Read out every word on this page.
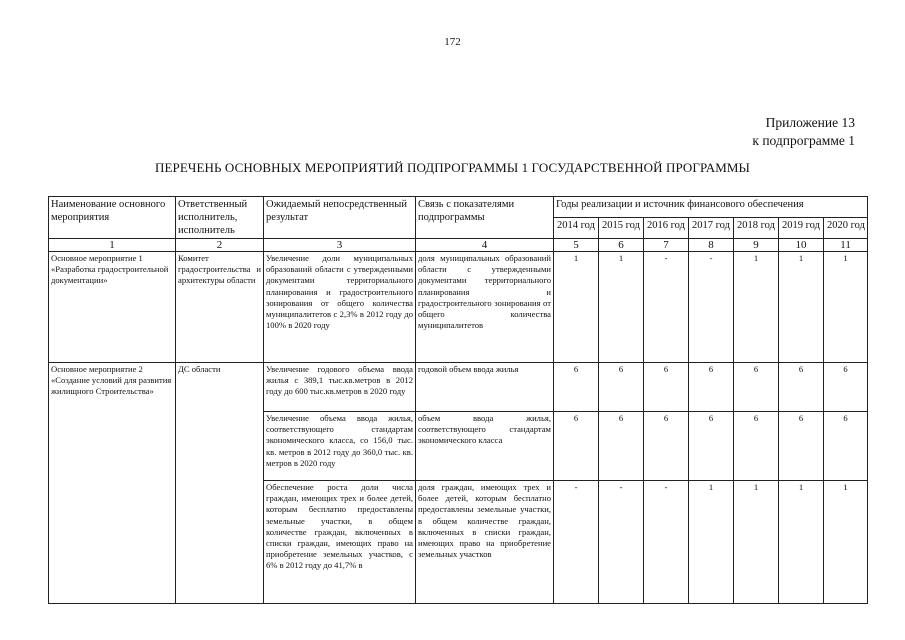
172
Приложение 13
к подпрограмме 1
ПЕРЕЧЕНЬ ОСНОВНЫХ МЕРОПРИЯТИЙ ПОДПРОГРАММЫ 1 ГОСУДАРСТВЕННОЙ ПРОГРАММЫ
Наименование основного мероприятия	Ответственный исполнитель, исполнитель	Ожидаемый непосредственный результат	Связь с показателями подпрограммы	Годы реализации и источник финансового обеспечения						
				2014 год	2015 год	2016 год	2017 год	2018 год	2019 год	2020 год
1	2	3	4	5	6	7	8	9	10	11
Основное мероприятие 1 «Разработка градостроительной документации»	Комитет градостроительства и архитектуры области	Увеличение доли муниципальных образований области с утвержденными документами территориального планирования и градостроительного зонирования от общего количества муниципалитетов с 2,3% в 2012 году до 100% в 2020 году	доля муниципальных образований области с утвержденными документами территориального планирования и градостроительного зонирования от общего количества муниципалитетов	1	1	-	-	1	1	1
Основное мероприятие 2 «Создание условий для развития жилищного Строительства»	ДС области	Увеличение годового объема ввода жилья с 389,1 тыс.кв.метров в 2012 году до 600 тыс.кв.метров в 2020 году	годовой объем ввода жилья	6	6	6	6	6	6	6
		Увеличение объема ввода жилья, соответствующего стандартам экономического класса, со 156,0 тыс. кв. метров в 2012 году до 360,0 тыс. кв. метров в 2020 году	объем ввода жилья, соответствующего стандартам экономического класса	6	6	6	6	6	6	6
		Обеспечение роста доли числа граждан, имеющих трех и более детей, которым бесплатно предоставлены земельные участки, в общем количестве граждан, включенных в списки граждан, имеющих право на приобретение земельных участков, с 6% в 2012 году до 41,7% в	доля граждан, имеющих трех и более детей, которым бесплатно предоставлены земельные участки, в общем количестве граждан, включенных в списки граждан, имеющих право на приобретение земельных участков	-	-	-	1	1	1	1
